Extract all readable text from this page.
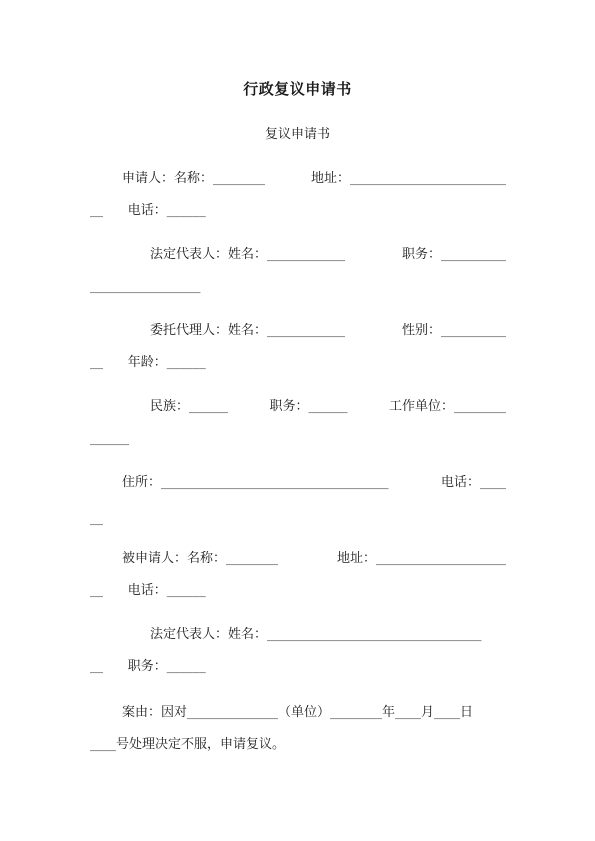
行政复议申请书
复议申请书
申请人：名称：________	地址：________________________
__      电话：______
法定代表人：姓名：____________	职务：__________
_________________
委托代理人：姓名：____________	性别：__________
__      年龄：______
民族：______	职务：______	工作单位：________
______
住所：___________________________________	电话：____
__
被申请人：名称：________	地址：____________________
__      电话：______
法定代表人：姓名：_________________________________
__      职务：______
案由：因对______________（单位）________年____月____日
____号处理决定不服，申请复议。
